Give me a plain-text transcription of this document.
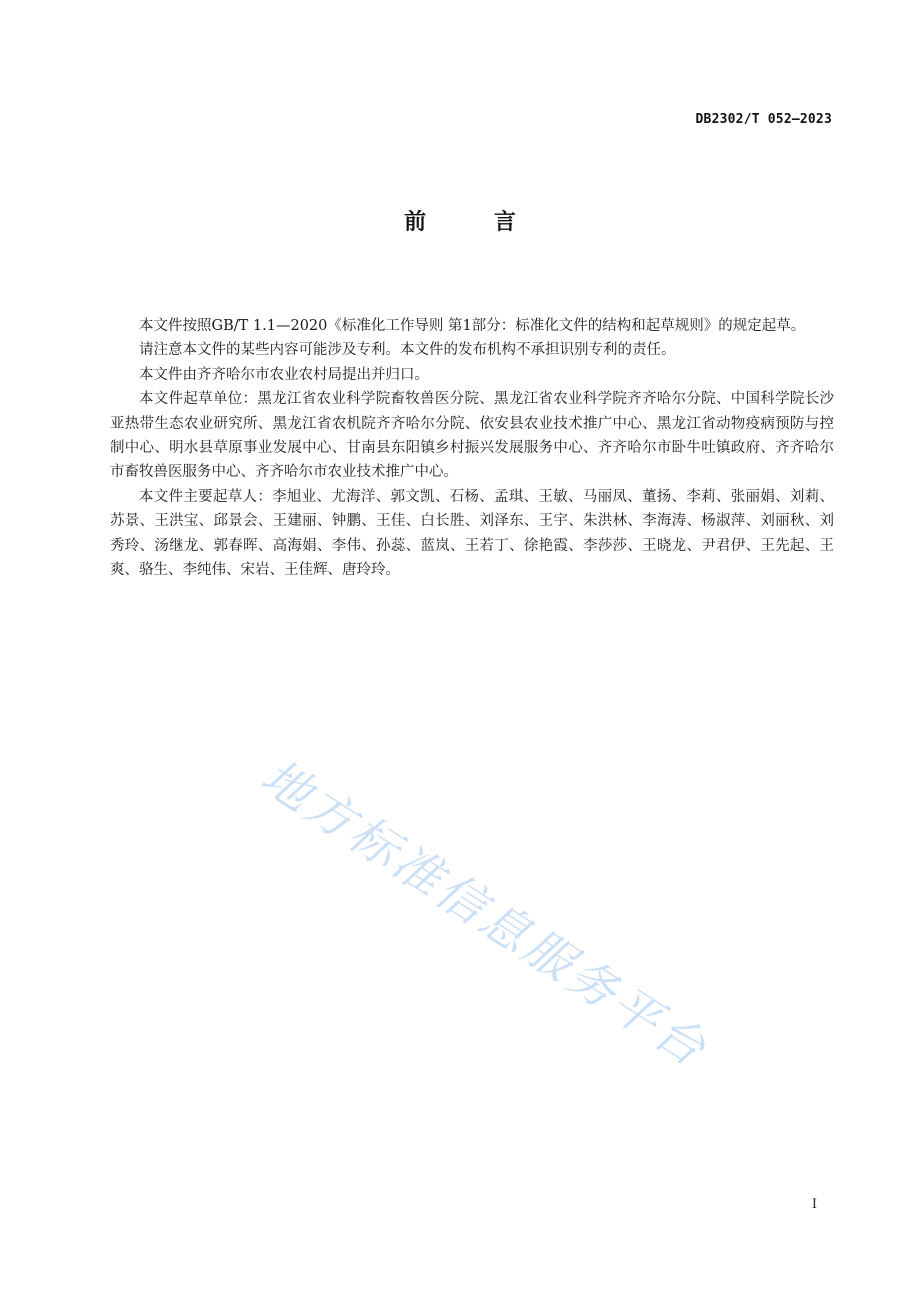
DB2302/T 052—2023
前 言

本文件按照GB/T 1.1—2020《标准化工作导则 第1部分：标准化文件的结构和起草规则》的规定起草。

请注意本文件的某些内容可能涉及专利。本文件的发布机构不承担识别专利的责任。

本文件由齐齐哈尔市农业农村局提出并归口。

本文件起草单位：黑龙江省农业科学院畜牧兽医分院、黑龙江省农业科学院齐齐哈尔分院、中国科学院长沙亚热带生态农业研究所、黑龙江省农机院齐齐哈尔分院、依安县农业技术推广中心、黑龙江省动物疫病预防与控制中心、明水县草原事业发展中心、甘南县东阳镇乡村振兴发展服务中心、齐齐哈尔市卧牛吐镇政府、齐齐哈尔市畜牧兽医服务中心、齐齐哈尔市农业技术推广中心。

本文件主要起草人：李旭业、尤海洋、郭文凯、石杨、孟琪、王敏、马丽凤、董扬、李莉、张丽娟、刘莉、苏景、王洪宝、邱景会、王建丽、钟鹏、王佳、白长胜、刘泽东、王宇、朱洪林、李海涛、杨淑萍、刘丽秋、刘秀玲、汤继龙、郭春晖、高海娟、李伟、孙蕊、蓝岚、王若丁、徐艳霞、李莎莎、王晓龙、尹君伊、王先起、王爽、骆生、李纯伟、宋岩、王佳辉、唐玲玲。

地方标准信息服务平台
I
